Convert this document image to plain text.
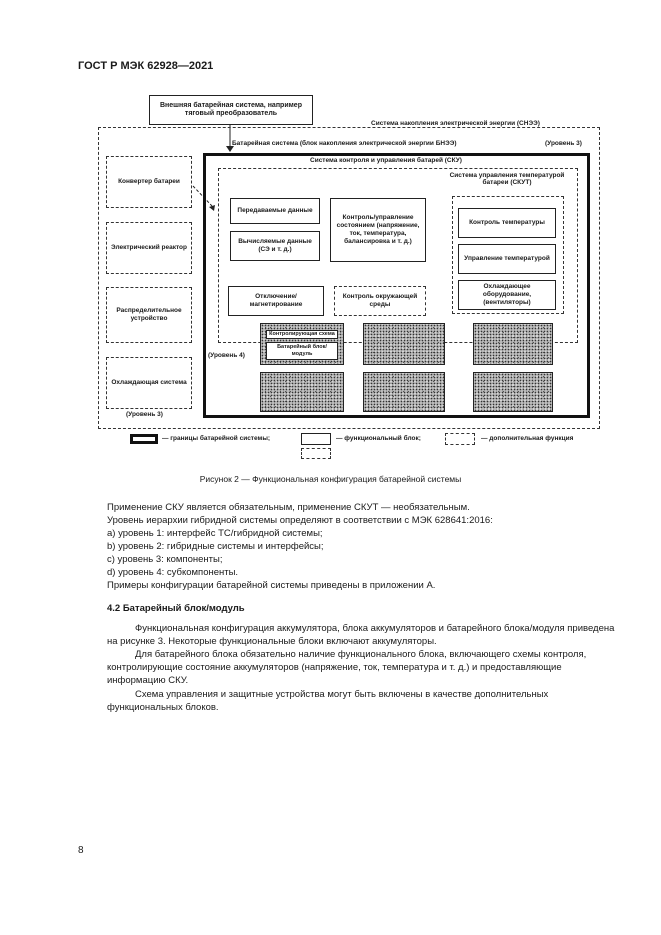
ГОСТ Р МЭК 62928—2021
Внешняя батарейная система, например тяговый преобразователь
Система накопления электрической энергии (СНЭЭ)
Батарейная система (блок накопления электрической энергии БНЭЭ)	(Уровень 3)
Конвертер батареи
Электрический реактор
Распределительное устройство
Охлаждающая система
(Уровень 3)
Система контроля и управления батарей (СКУ)
Система управления температурой батареи (СКУТ)
Передаваемые данные
Вычисляемые данные (СЭ и т. д.)
Контроль/управление состоянием (напряжение, ток, температура, балансировка и т. д.)
Отключение/ магнетирование
Контроль окружающей среды
Контроль температуры
Управление температурой
Охлаждающее оборудование, (вентиляторы)
Контролирующая схема
Батарейный блок/ модуль
(Уровень 4)
— границы батарейной системы;	— функциональный блок;	— дополнительная функция
Рисунок 2 — Функциональная конфигурация батарейной системы
Применение СКУ является обязательным, применение СКУТ — необязательным.
Уровень иерархии гибридной системы определяют в соответствии с МЭК 628641:2016:
a) уровень 1: интерфейс ТС/гибридной системы;
b) уровень 2: гибридные системы и интерфейсы;
c) уровень 3: компоненты;
d) уровень 4: субкомпоненты.
Примеры конфигурации батарейной системы приведены в приложении А.
4.2 Батарейный блок/модуль
Функциональная конфигурация аккумулятора, блока аккумуляторов и батарейного блока/модуля приведена на рисунке 3. Некоторые функциональные блоки включают аккумуляторы.
Для батарейного блока обязательно наличие функционального блока, включающего схемы контроля, контролирующие состояние аккумуляторов (напряжение, ток, температура и т. д.) и предоставляющие информацию СКУ.
Схема управления и защитные устройства могут быть включены в качестве дополнительных функциональных блоков.
8
